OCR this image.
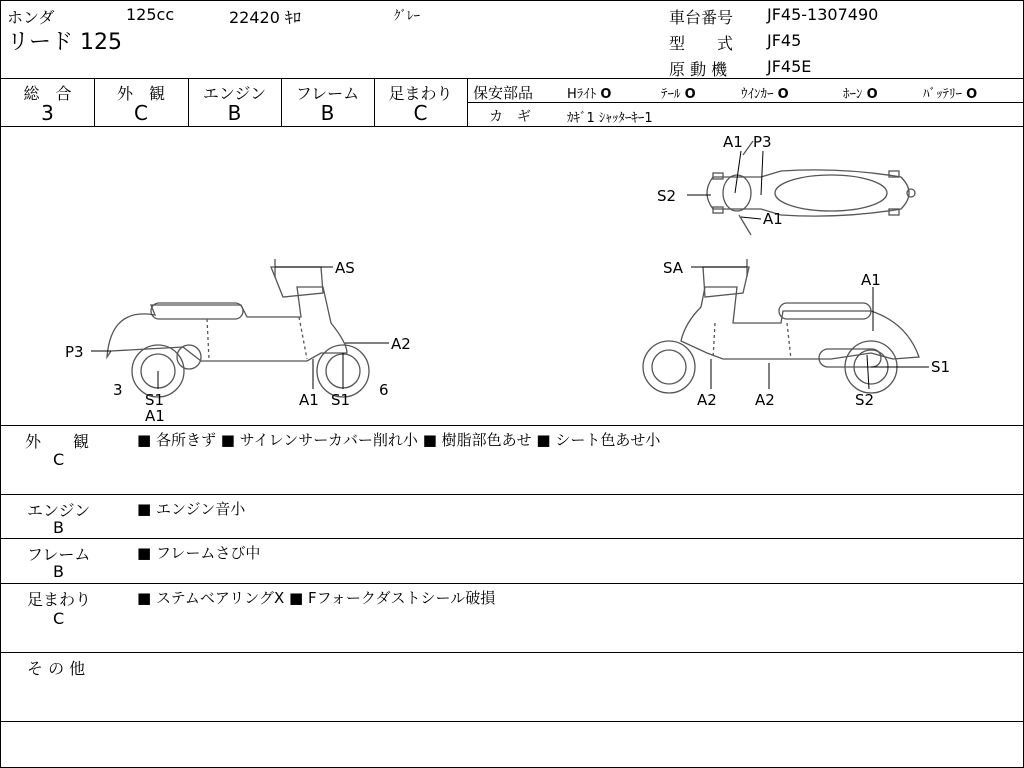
ホンダ	125cc	22420 ｷﾛ	ｸﾞﾚｰ
リード 125
車台番号 JF45-1307490
型　　式 JF45
原 動 機 JF45E
総　合
3
外　観
C
エンジン
B
フレーム
B
足まわり
C
保安部品	Hﾗｲﾄ O	ﾃｰﾙ O	ｳｲﾝｶｰ O	ﾎｰﾝ O	ﾊﾞｯﾃﾘｰ O
カ　ギ	ｶｷﾞ1 ｼｬｯﾀｰｷｰ1
A1 P3
S2
A1
AS
P3	A2
3
S1
A1
A1 S1
6
SA
A1
S1
A2	A2	S2
外　　観
C
■ 各所きず ■ サイレンサーカバー削れ小 ■ 樹脂部色あせ ■ シート色あせ小
エンジン
B
■ エンジン音小
フレーム
B
■ フレームさび中
足まわり
C
■ ステムベアリングX ■ Fフォークダストシール破損
そ の 他
